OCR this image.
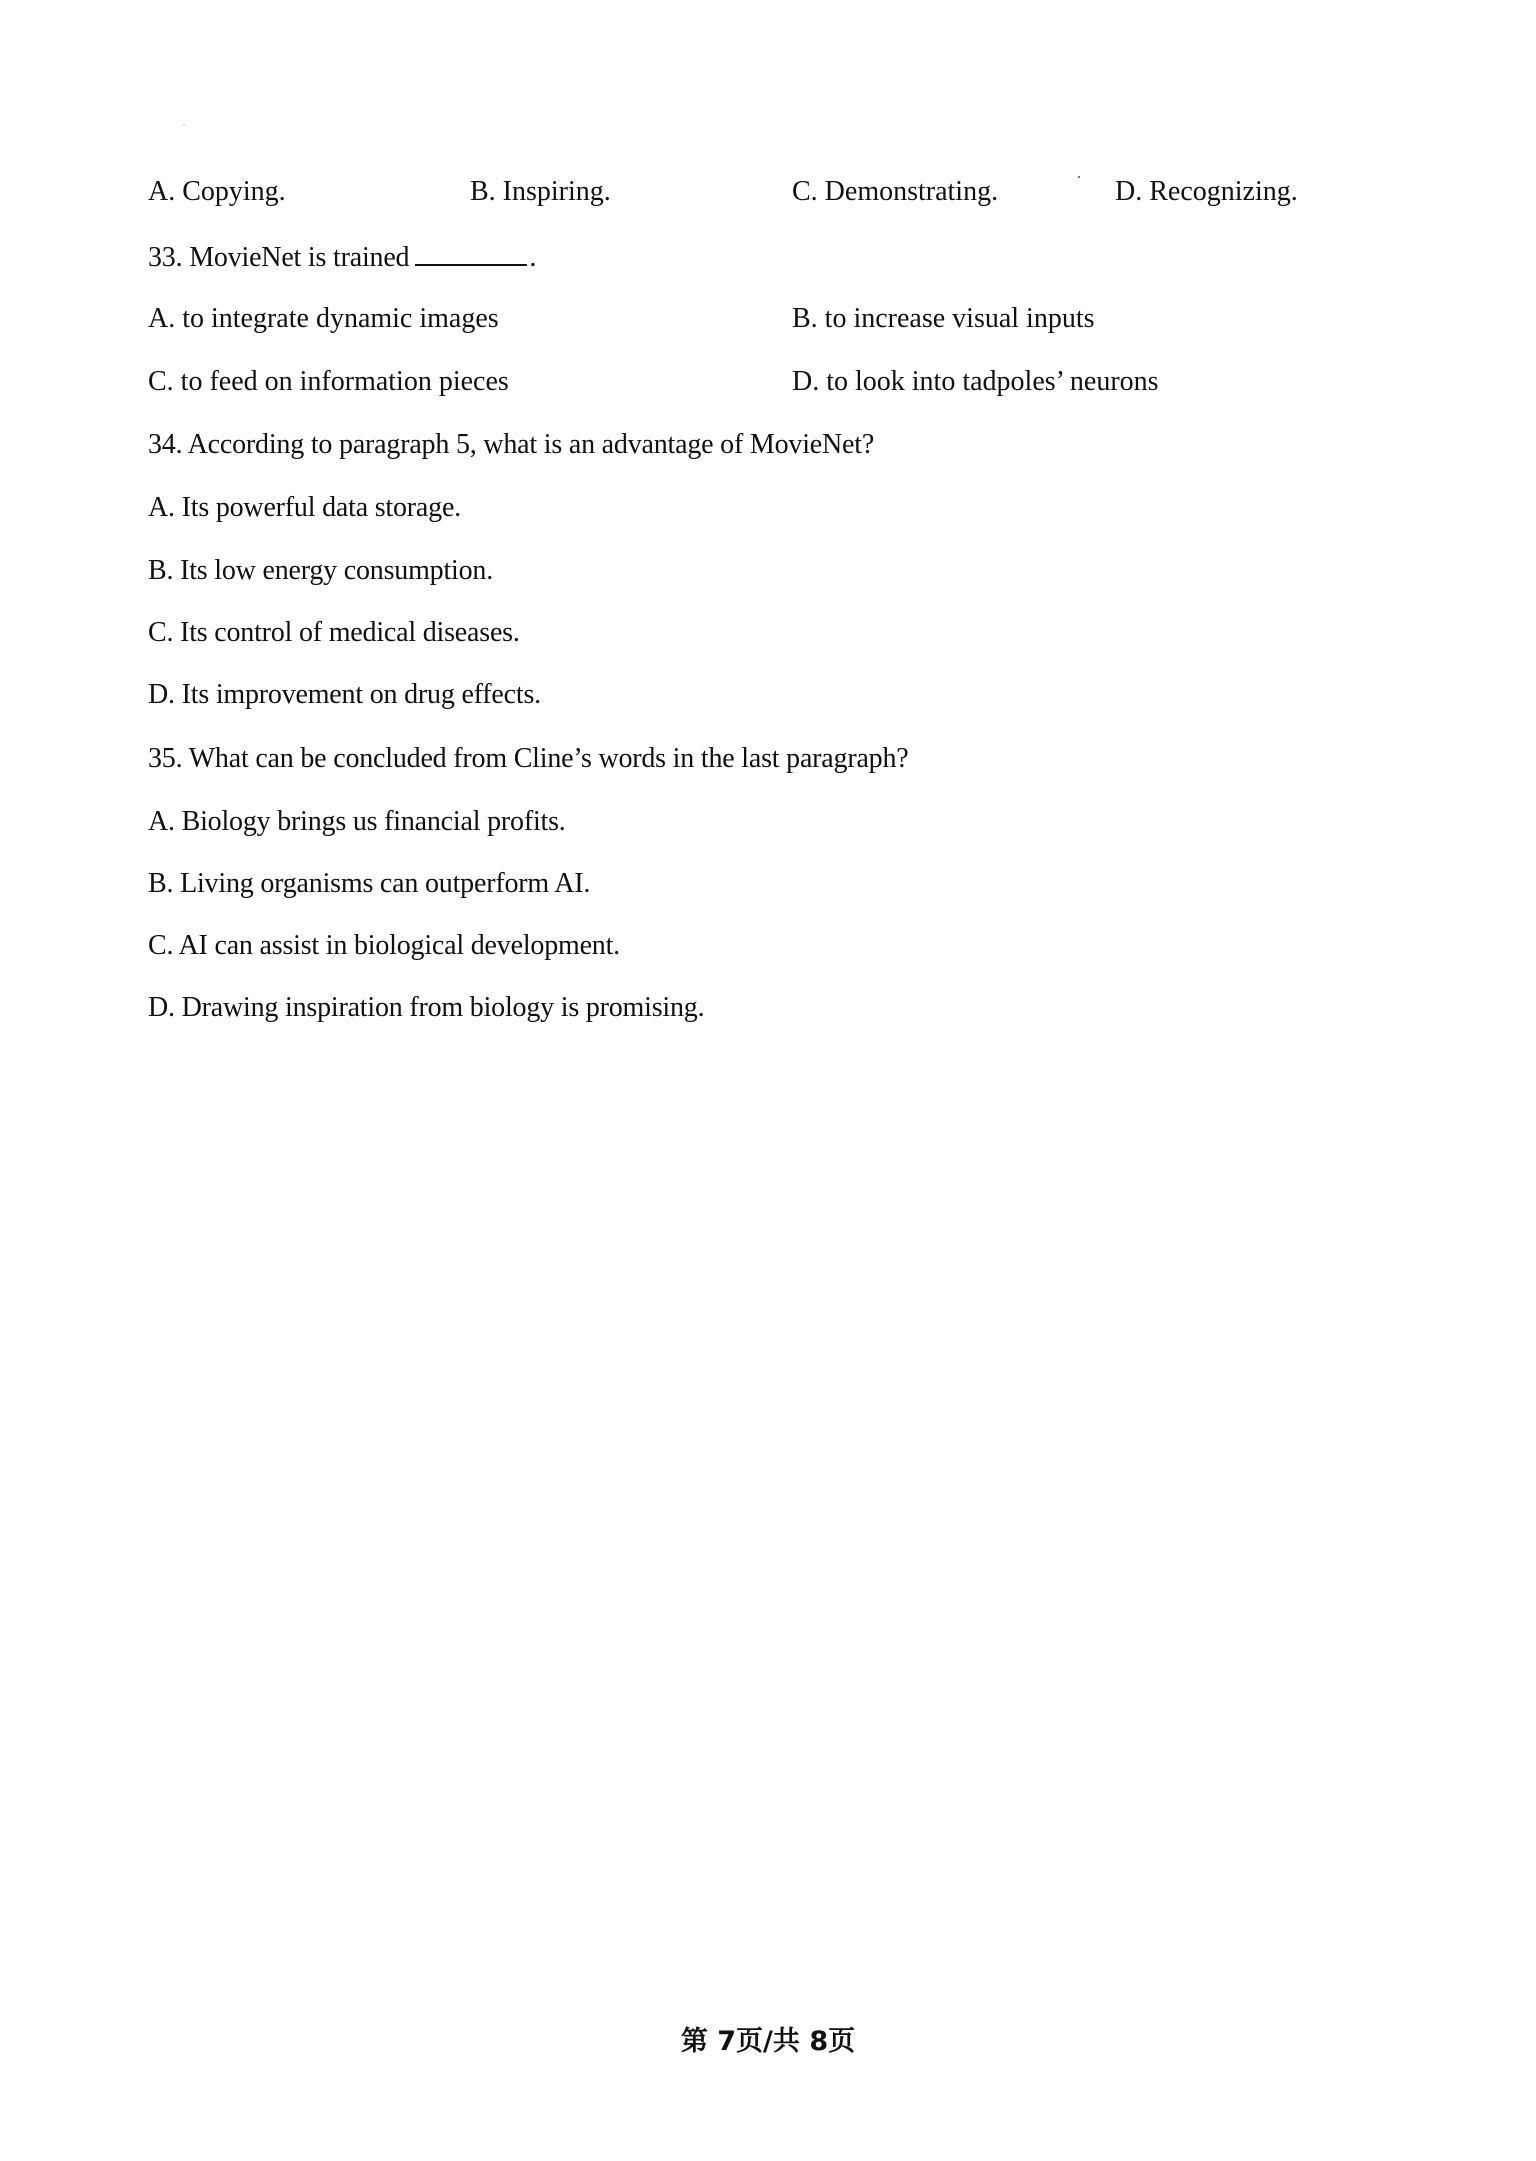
A. Copying.	B. Inspiring.	C. Demonstrating.	D. Recognizing.
33. MovieNet is trained	.
A. to integrate dynamic images	B. to increase visual inputs
C. to feed on information pieces	D. to look into tadpoles’ neurons
34. According to paragraph 5, what is an advantage of MovieNet?
A. Its powerful data storage.
B. Its low energy consumption.
C. Its control of medical diseases.
D. Its improvement on drug effects.
35. What can be concluded from Cline’s words in the last paragraph?
A. Biology brings us financial profits.
B. Living organisms can outperform AI.
C. AI can assist in biological development.
D. Drawing inspiration from biology is promising.
第 7页/共 8页
